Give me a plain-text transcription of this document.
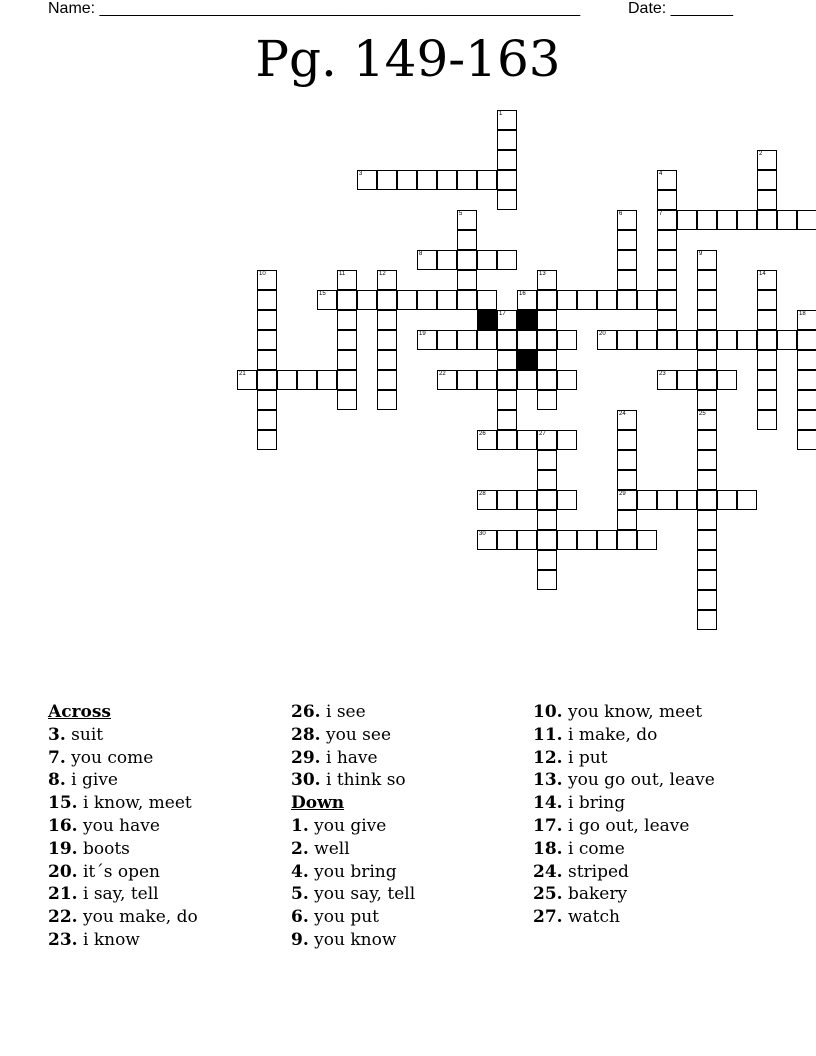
Name: ______________________________________________________	Date: _______
Pg. 149-163
3
7
8
15	16
19	20
21	22	23
26	27
28	29
30
1
2
4
5	6
9
25
10	11	12	13	14
17	18
24
Across
3. suit
7. you come
8. i give
15. i know, meet
16. you have
19. boots
20. it´s open
21. i say, tell
22. you make, do
23. i know
26. i see
28. you see
29. i have
30. i think so
Down
1. you give
2. well
4. you bring
5. you say, tell
6. you put
9. you know
10. you know, meet
11. i make, do
12. i put
13. you go out, leave
14. i bring
17. i go out, leave
18. i come
24. striped
25. bakery
27. watch
